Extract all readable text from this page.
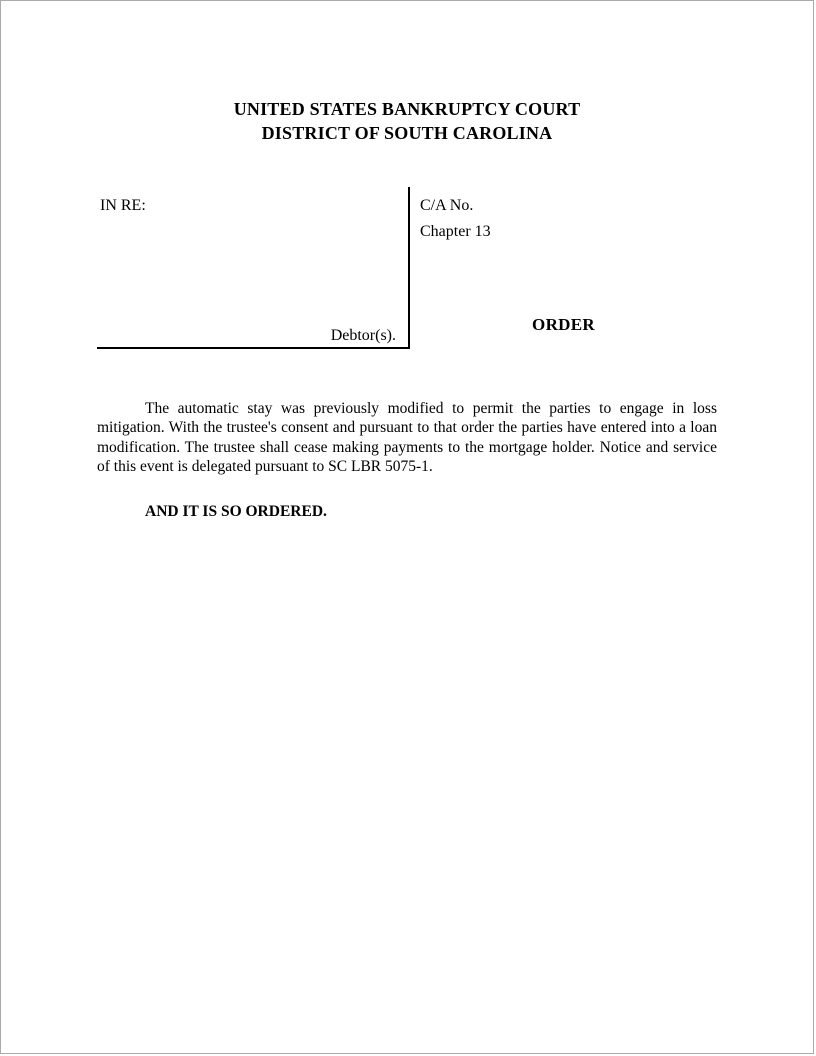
UNITED STATES BANKRUPTCY COURT
DISTRICT OF SOUTH CAROLINA
IN RE:
Debtor(s).
C/A No.
Chapter 13
ORDER

The automatic stay was previously modified to permit the parties to engage in loss mitigation. With the trustee's consent and pursuant to that order the parties have entered into a loan modification. The trustee shall cease making payments to the mortgage holder. Notice and service of this event is delegated pursuant to SC LBR 5075-1.

AND IT IS SO ORDERED.
